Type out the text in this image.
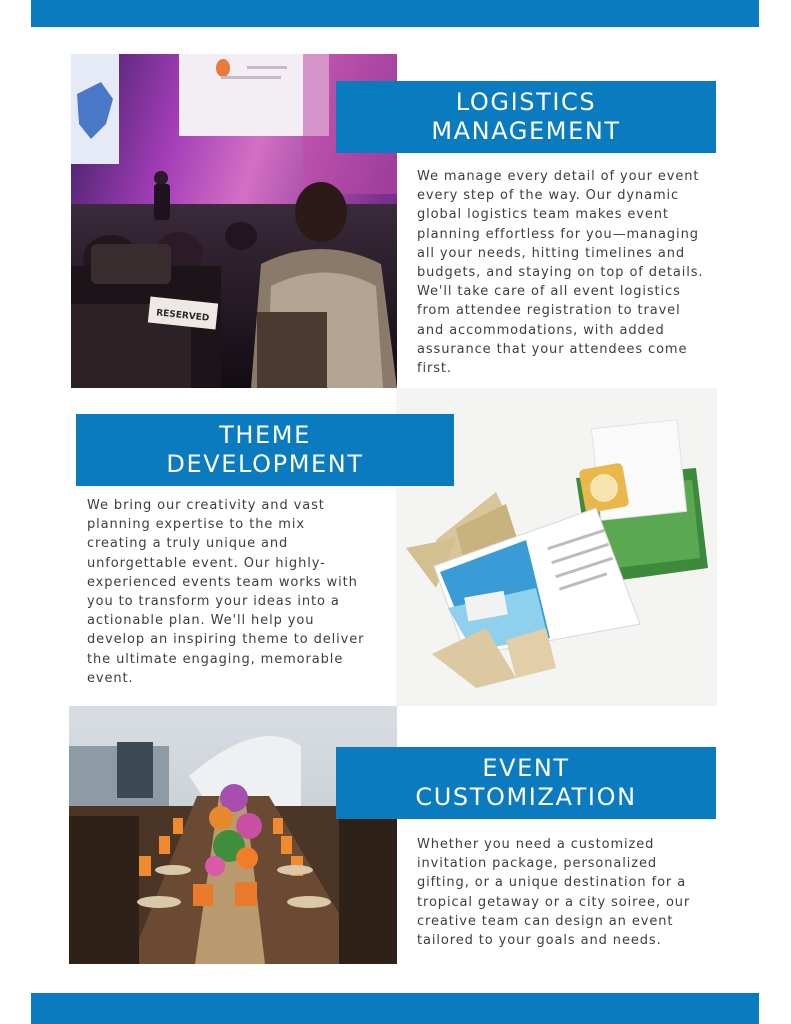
RESERVED
LOGISTICS
MANAGEMENT

We manage every detail of your event
every step of the way. Our dynamic
global logistics team makes event
planning effortless for you—managing
all your needs, hitting timelines and
budgets, and staying on top of details.
We'll take care of all event logistics
from attendee registration to travel
and accommodations, with added
assurance that your attendees come
first.

THEME
DEVELOPMENT

We bring our creativity and vast
planning expertise to the mix
creating a truly unique and
unforgettable event. Our highly-
experienced events team works with
you to transform your ideas into a
actionable plan. We'll help you
develop an inspiring theme to deliver
the ultimate engaging, memorable
event.

EVENT
CUSTOMIZATION

Whether you need a customized
invitation package, personalized
gifting, or a unique destination for a
tropical getaway or a city soiree, our
creative team can design an event
tailored to your goals and needs.
